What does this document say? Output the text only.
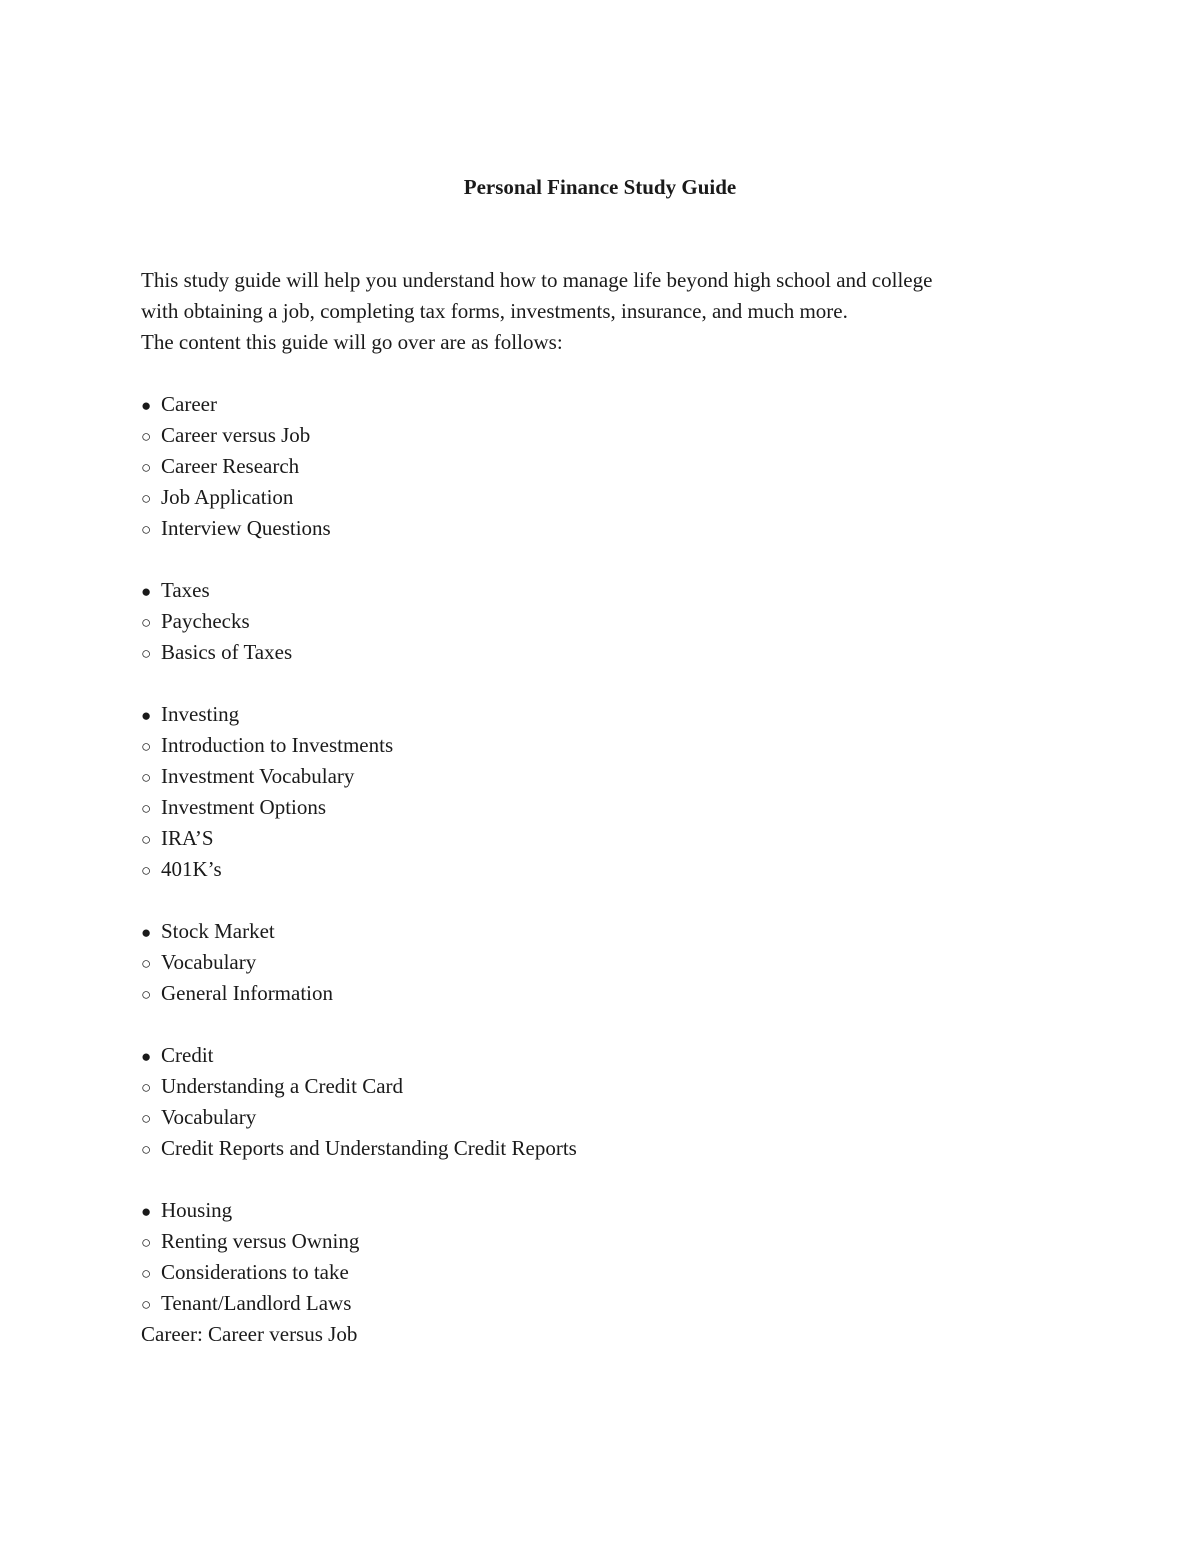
Personal Finance Study Guide
This study guide will help you understand how to manage life beyond high school and college
with obtaining a job, completing tax forms, investments, insurance, and much more.
The content this guide will go over are as follows:
● Career
○ Career versus Job
○ Career Research
○ Job Application
○ Interview Questions
● Taxes
○ Paychecks
○ Basics of Taxes
● Investing
○ Introduction to Investments
○ Investment Vocabulary
○ Investment Options
○ IRA’S
○ 401K’s
● Stock Market
○ Vocabulary
○ General Information
● Credit
○ Understanding a Credit Card
○ Vocabulary
○ Credit Reports and Understanding Credit Reports
● Housing
○ Renting versus Owning
○ Considerations to take
○ Tenant/Landlord Laws
Career: Career versus Job
